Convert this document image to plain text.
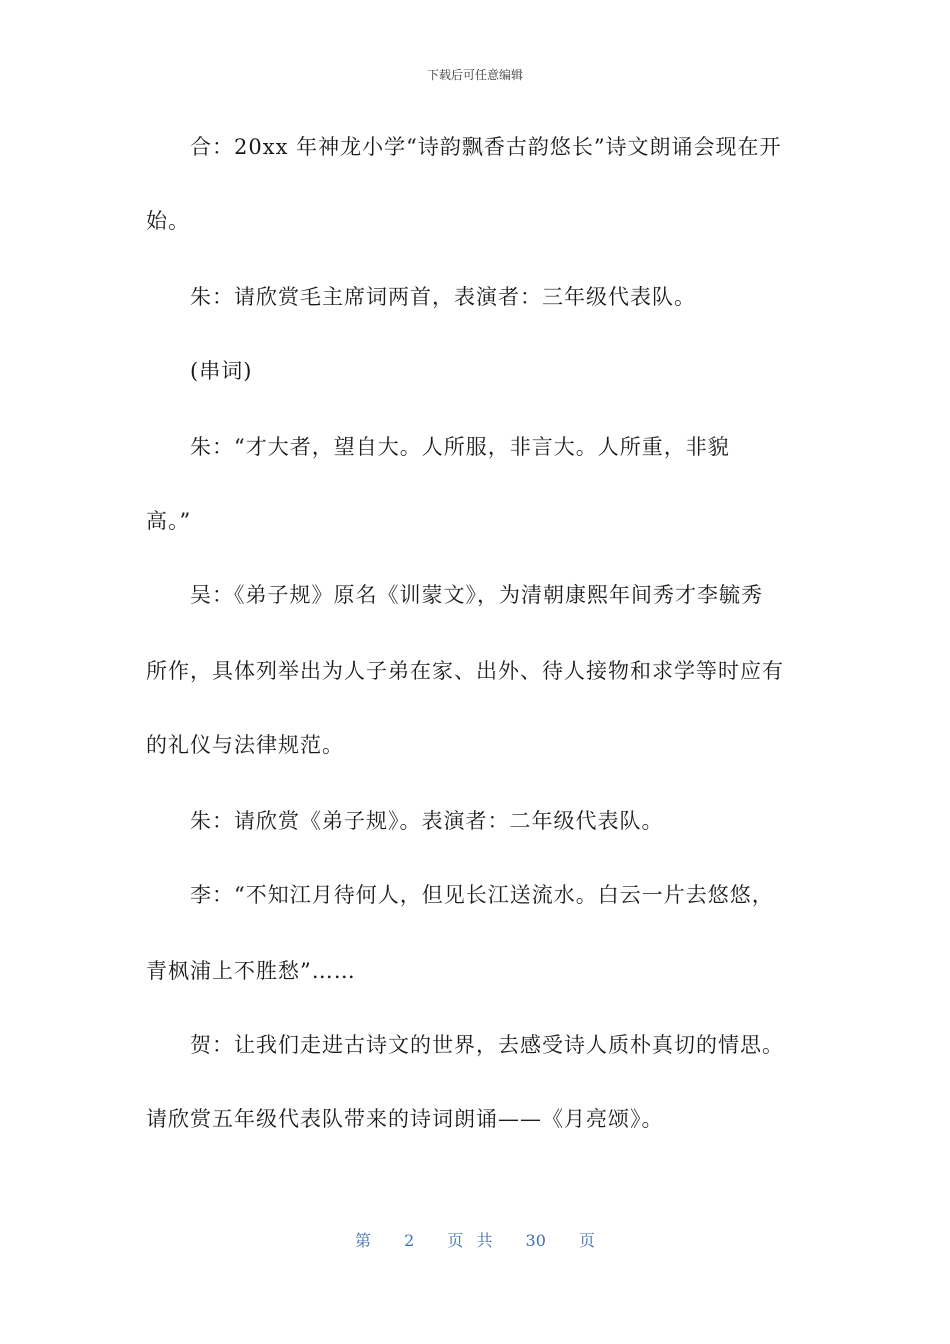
下载后可任意编辑
合：20xx 年神龙小学“诗韵飘香古韵悠长”诗文朗诵会现在开
始。
朱：请欣赏毛主席词两首，表演者：三年级代表队。
(串词)
朱：“才大者，望自大。人所服，非言大。人所重，非貌
高。”
吴：《弟子规》原名《训蒙文》，为清朝康熙年间秀才李毓秀
所作，具体列举出为人子弟在家、出外、待人接物和求学等时应有
的礼仪与法律规范。
朱：请欣赏《弟子规》。表演者：二年级代表队。
李：“不知江月待何人，但见长江送流水。白云一片去悠悠，
青枫浦上不胜愁”……
贺：让我们走进古诗文的世界，去感受诗人质朴真切的情思。
请欣赏五年级代表队带来的诗词朗诵——《月亮颂》。
第 2 页 共 30 页
